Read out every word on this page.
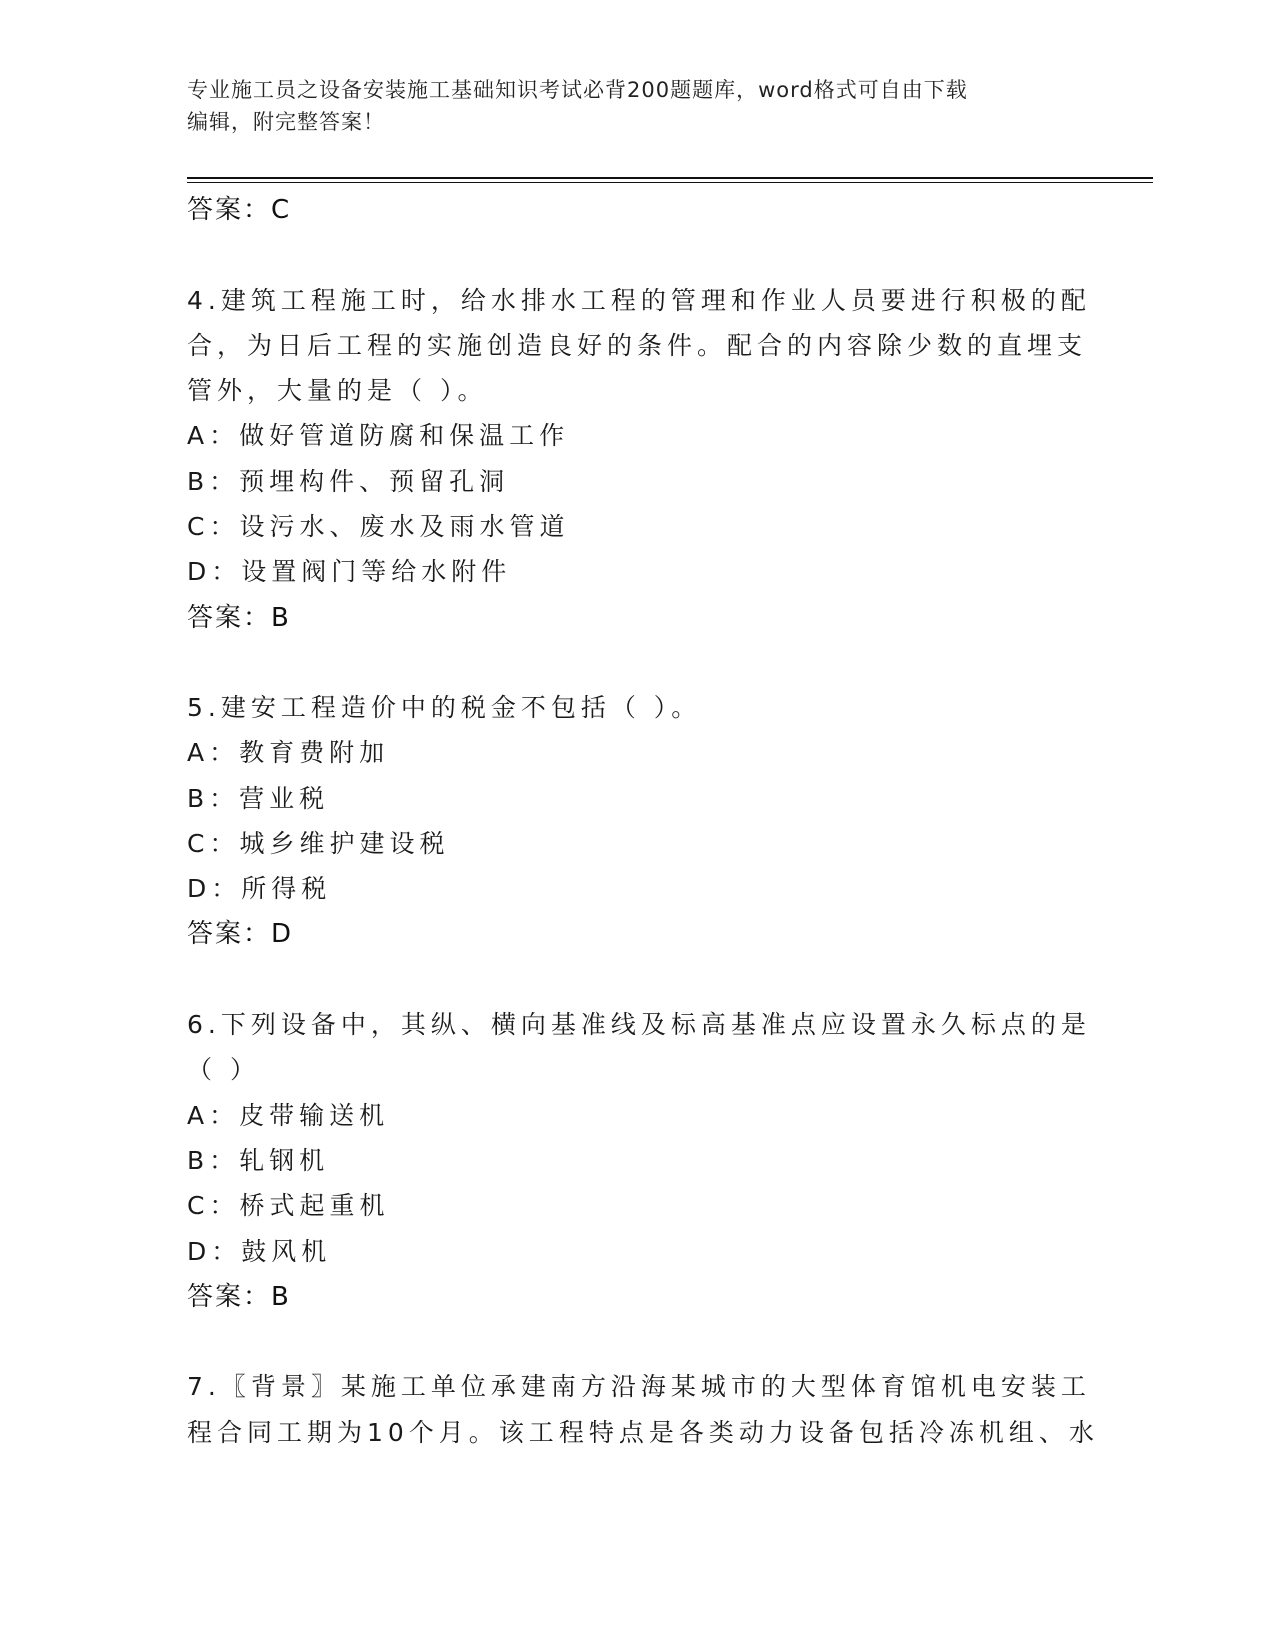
专业施工员之设备安装施工基础知识考试必背200题题库，word格式可自由下载
编辑，附完整答案！
答案：C
4.建筑工程施工时，给水排水工程的管理和作业人员要进行积极的配
合，为日后工程的实施创造良好的条件。配合的内容除少数的直埋支
管外，大量的是（ ）。
A：做好管道防腐和保温工作
B：预埋构件、预留孔洞
C：设污水、废水及雨水管道
D：设置阀门等给水附件
答案：B
5.建安工程造价中的税金不包括（ ）。
A：教育费附加
B：营业税
C：城乡维护建设税
D：所得税
答案：D
6.下列设备中，其纵、横向基准线及标高基准点应设置永久标点的是
（ ）
A：皮带输送机
B：轧钢机
C：桥式起重机
D：鼓风机
答案：B
7.〖背景〗某施工单位承建南方沿海某城市的大型体育馆机电安装工
程合同工期为10个月。该工程特点是各类动力设备包括冷冻机组、水
